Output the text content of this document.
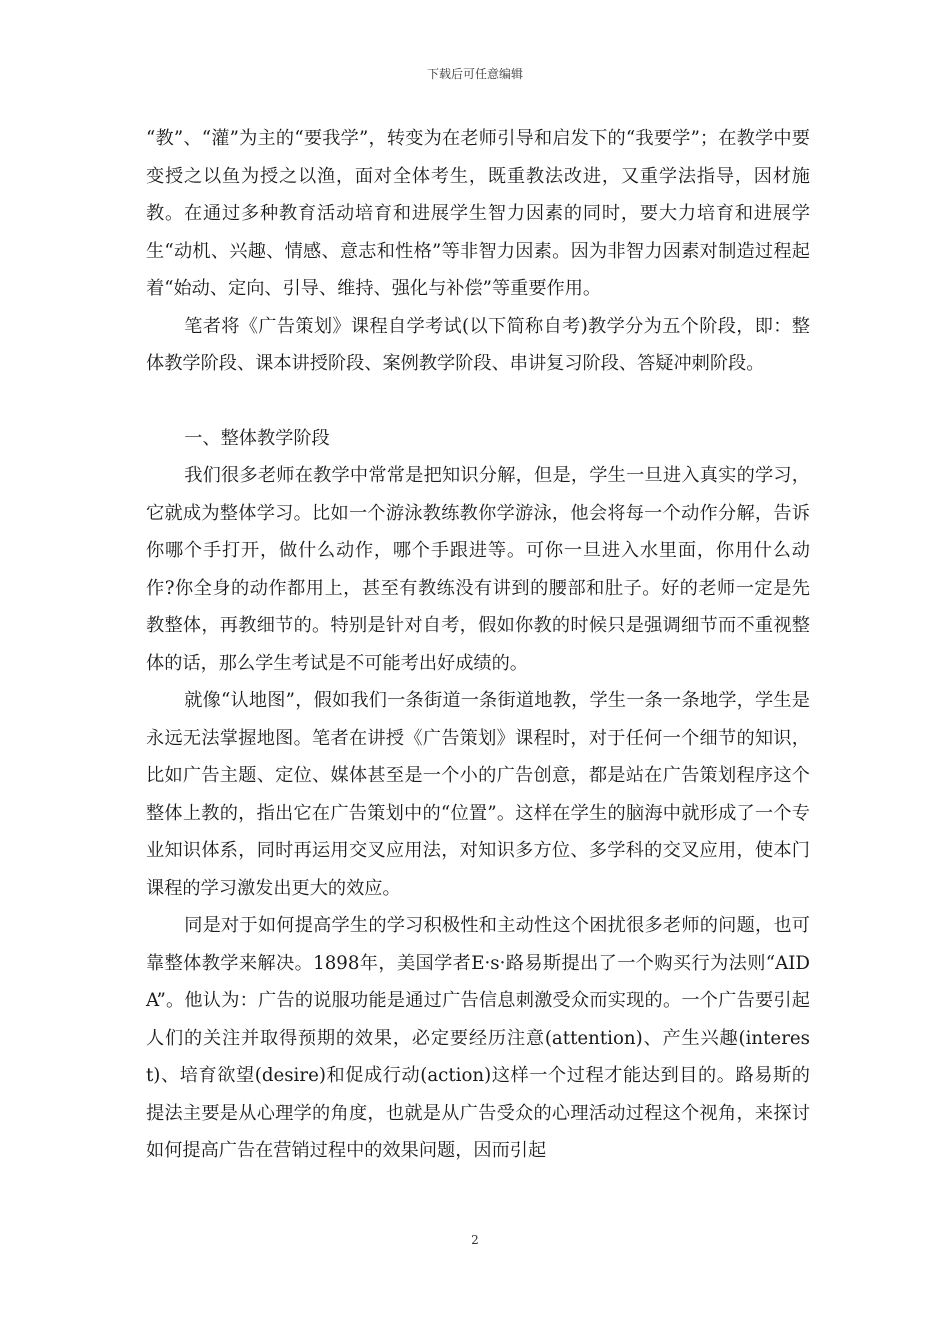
下载后可任意编辑

“教”、“灌”为主的“要我学”，转变为在老师引导和启发下的“我要学”；在教学中要变授之以鱼为授之以渔，面对全体考生，既重教法改进，又重学法指导，因材施教。在通过多种教育活动培育和进展学生智力因素的同时，要大力培育和进展学生“动机、兴趣、情感、意志和性格”等非智力因素。因为非智力因素对制造过程起着“始动、定向、引导、维持、强化与补偿”等重要作用。

笔者将《广告策划》课程自学考试(以下简称自考)教学分为五个阶段，即：整体教学阶段、课本讲授阶段、案例教学阶段、串讲复习阶段、答疑冲刺阶段。

一、整体教学阶段

我们很多老师在教学中常常是把知识分解，但是，学生一旦进入真实的学习，它就成为整体学习。比如一个游泳教练教你学游泳，他会将每一个动作分解，告诉你哪个手打开，做什么动作，哪个手跟进等。可你一旦进入水里面，你用什么动作?你全身的动作都用上，甚至有教练没有讲到的腰部和肚子。好的老师一定是先教整体，再教细节的。特别是针对自考，假如你教的时候只是强调细节而不重视整体的话，那么学生考试是不可能考出好成绩的。

就像“认地图”，假如我们一条街道一条街道地教，学生一条一条地学，学生是永远无法掌握地图。笔者在讲授《广告策划》课程时，对于任何一个细节的知识，比如广告主题、定位、媒体甚至是一个小的广告创意，都是站在广告策划程序这个整体上教的，指出它在广告策划中的“位置”。这样在学生的脑海中就形成了一个专业知识体系，同时再运用交叉应用法，对知识多方位、多学科的交叉应用，使本门课程的学习激发出更大的效应。

同是对于如何提高学生的学习积极性和主动性这个困扰很多老师的问题，也可靠整体教学来解决。1898年，美国学者E·s·路易斯提出了一个购买行为法则“AIDA”。他认为：广告的说服功能是通过广告信息刺激受众而实现的。一个广告要引起人们的关注并取得预期的效果，必定要经历注意(attention)、产生兴趣(interest)、培育欲望(desire)和促成行动(action)这样一个过程才能达到目的。路易斯的提法主要是从心理学的角度，也就是从广告受众的心理活动过程这个视角，来探讨如何提高广告在营销过程中的效果问题，因而引起

2
